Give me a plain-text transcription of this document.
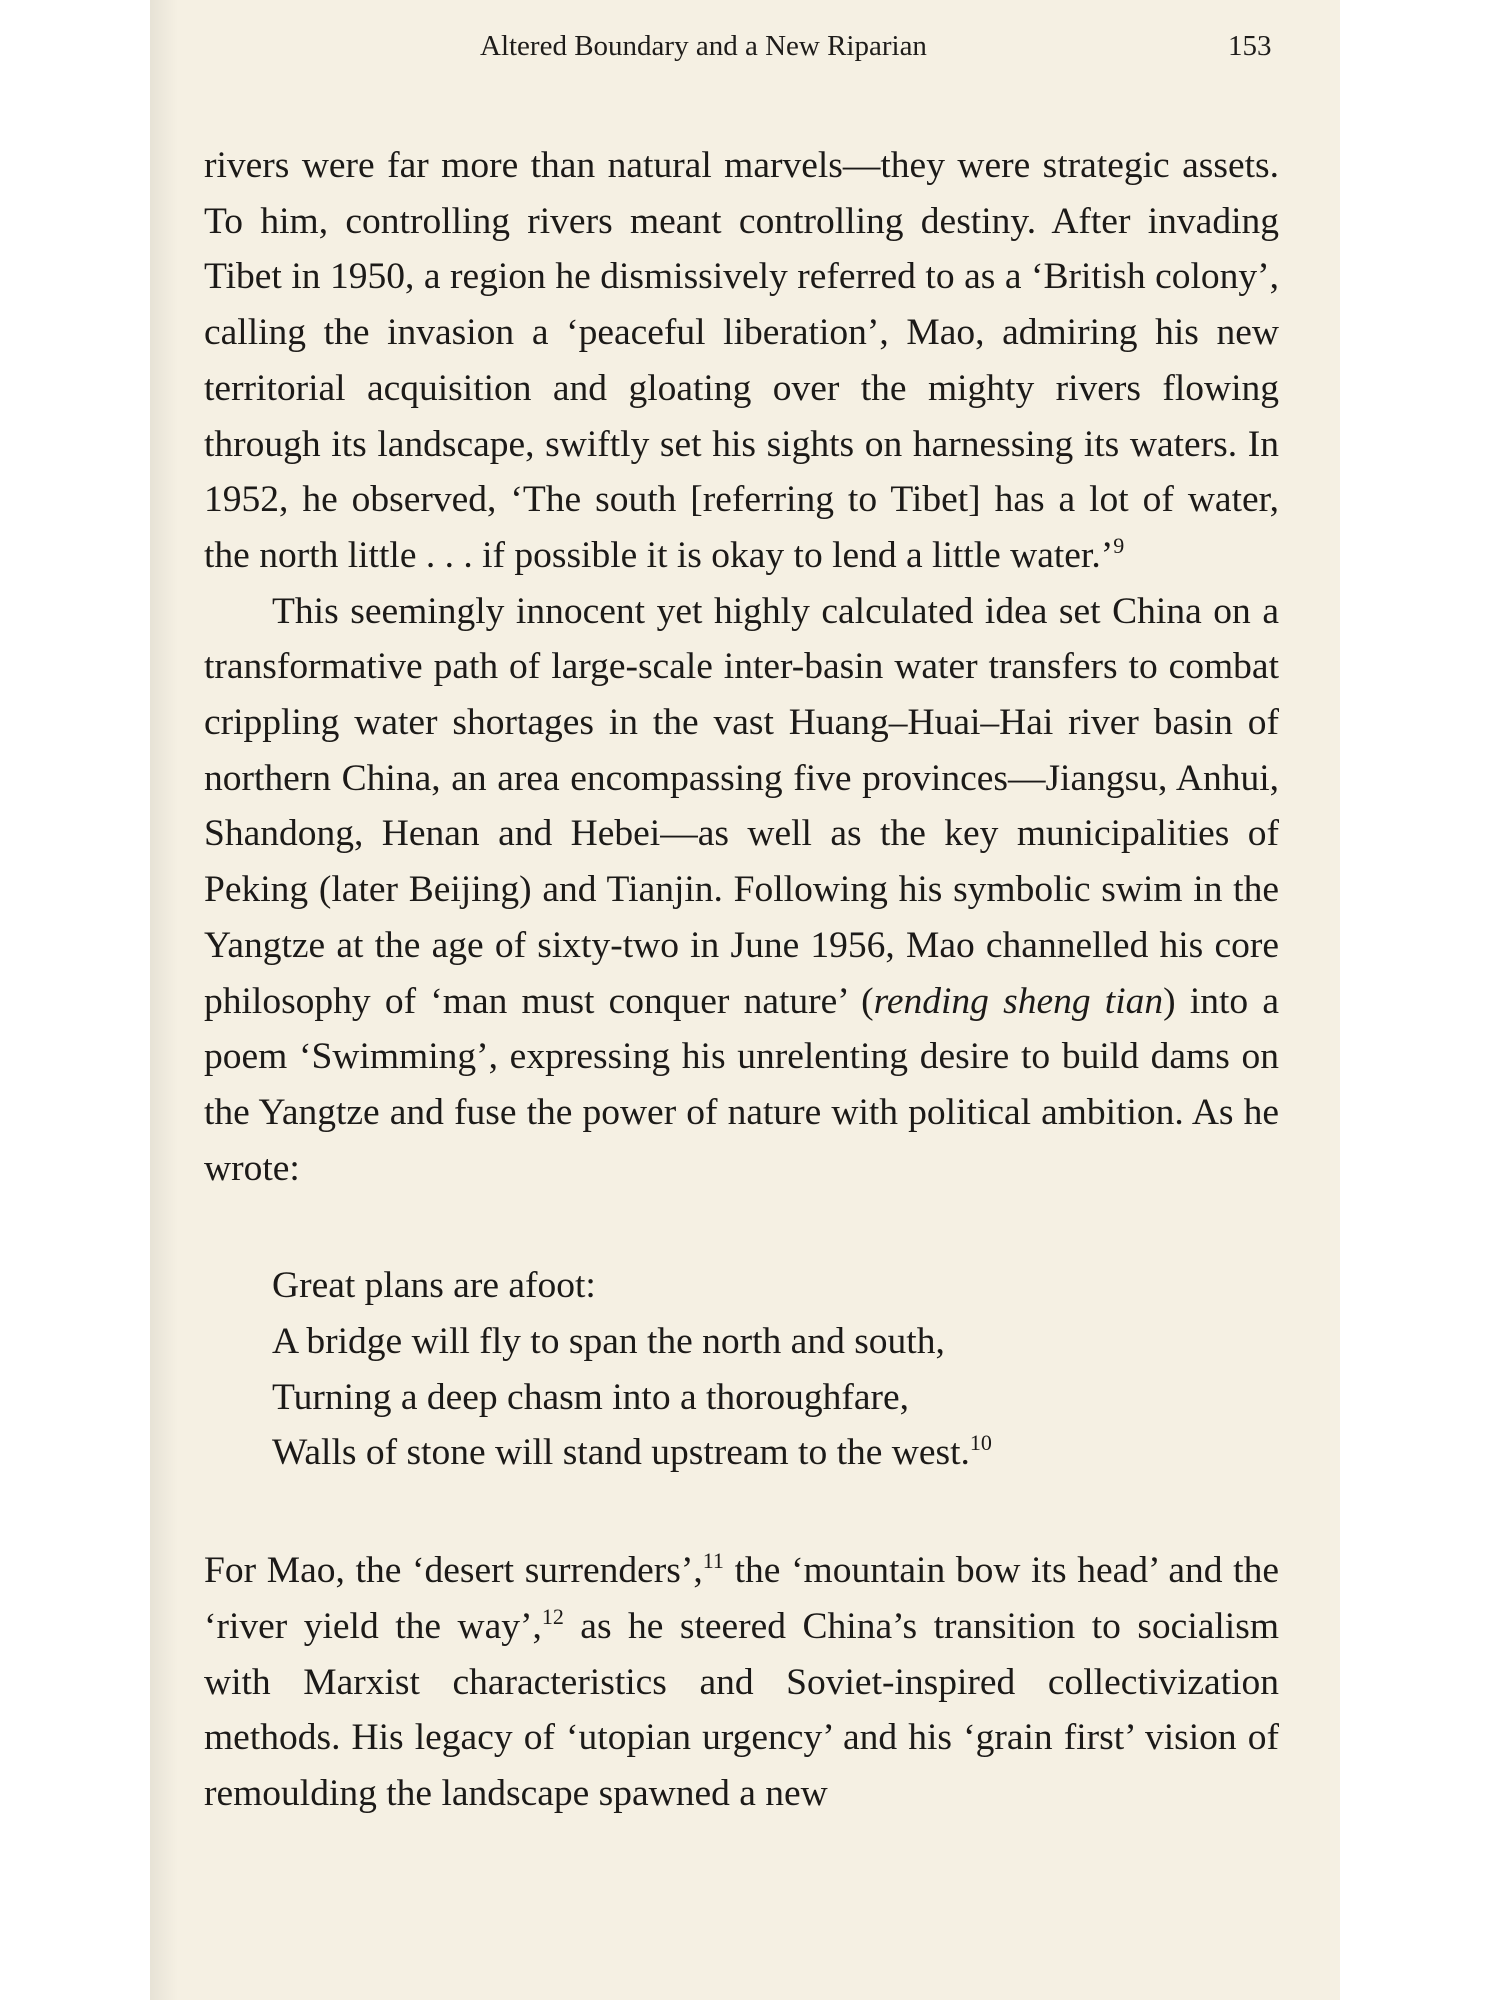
Altered Boundary and a New Riparian	153

rivers were far more than natural marvels—they were strategic assets. To him, controlling rivers meant controlling destiny. After invading Tibet in 1950, a region he dismissively referred to as a ‘British colony’, calling the invasion a ‘peaceful liberation’, Mao, admiring his new territorial acquisition and gloating over the mighty rivers flowing through its landscape, swiftly set his sights on harnessing its waters. In 1952, he observed, ‘The south [referring to Tibet] has a lot of water, the north little . . . if possible it is okay to lend a little water.’$^9$

This seemingly innocent yet highly calculated idea set China on a transformative path of large-scale inter-basin water transfers to combat crippling water shortages in the vast Huang–Huai–Hai river basin of northern China, an area encompassing five provinces—Jiangsu, Anhui, Shandong, Henan and Hebei—as well as the key municipalities of Peking (later Beijing) and Tianjin. Following his symbolic swim in the Yangtze at the age of sixty-two in June 1956, Mao channelled his core philosophy of ‘man must conquer nature’ (rending sheng tian) into a poem ‘Swimming’, expressing his unrelenting desire to build dams on the Yangtze and fuse the power of nature with political ambition. As he wrote:

Great plans are afoot:
A bridge will fly to span the north and south,
Turning a deep chasm into a thoroughfare,
Walls of stone will stand upstream to the west.$^{10}$

For Mao, the ‘desert surrenders’,$^{11}$ the ‘mountain bow its head’ and the ‘river yield the way’,$^{12}$ as he steered China’s transition to socialism with Marxist characteristics and Soviet-inspired collectivization methods. His legacy of ‘utopian urgency’ and his ‘grain first’ vision of remoulding the landscape spawned a new
